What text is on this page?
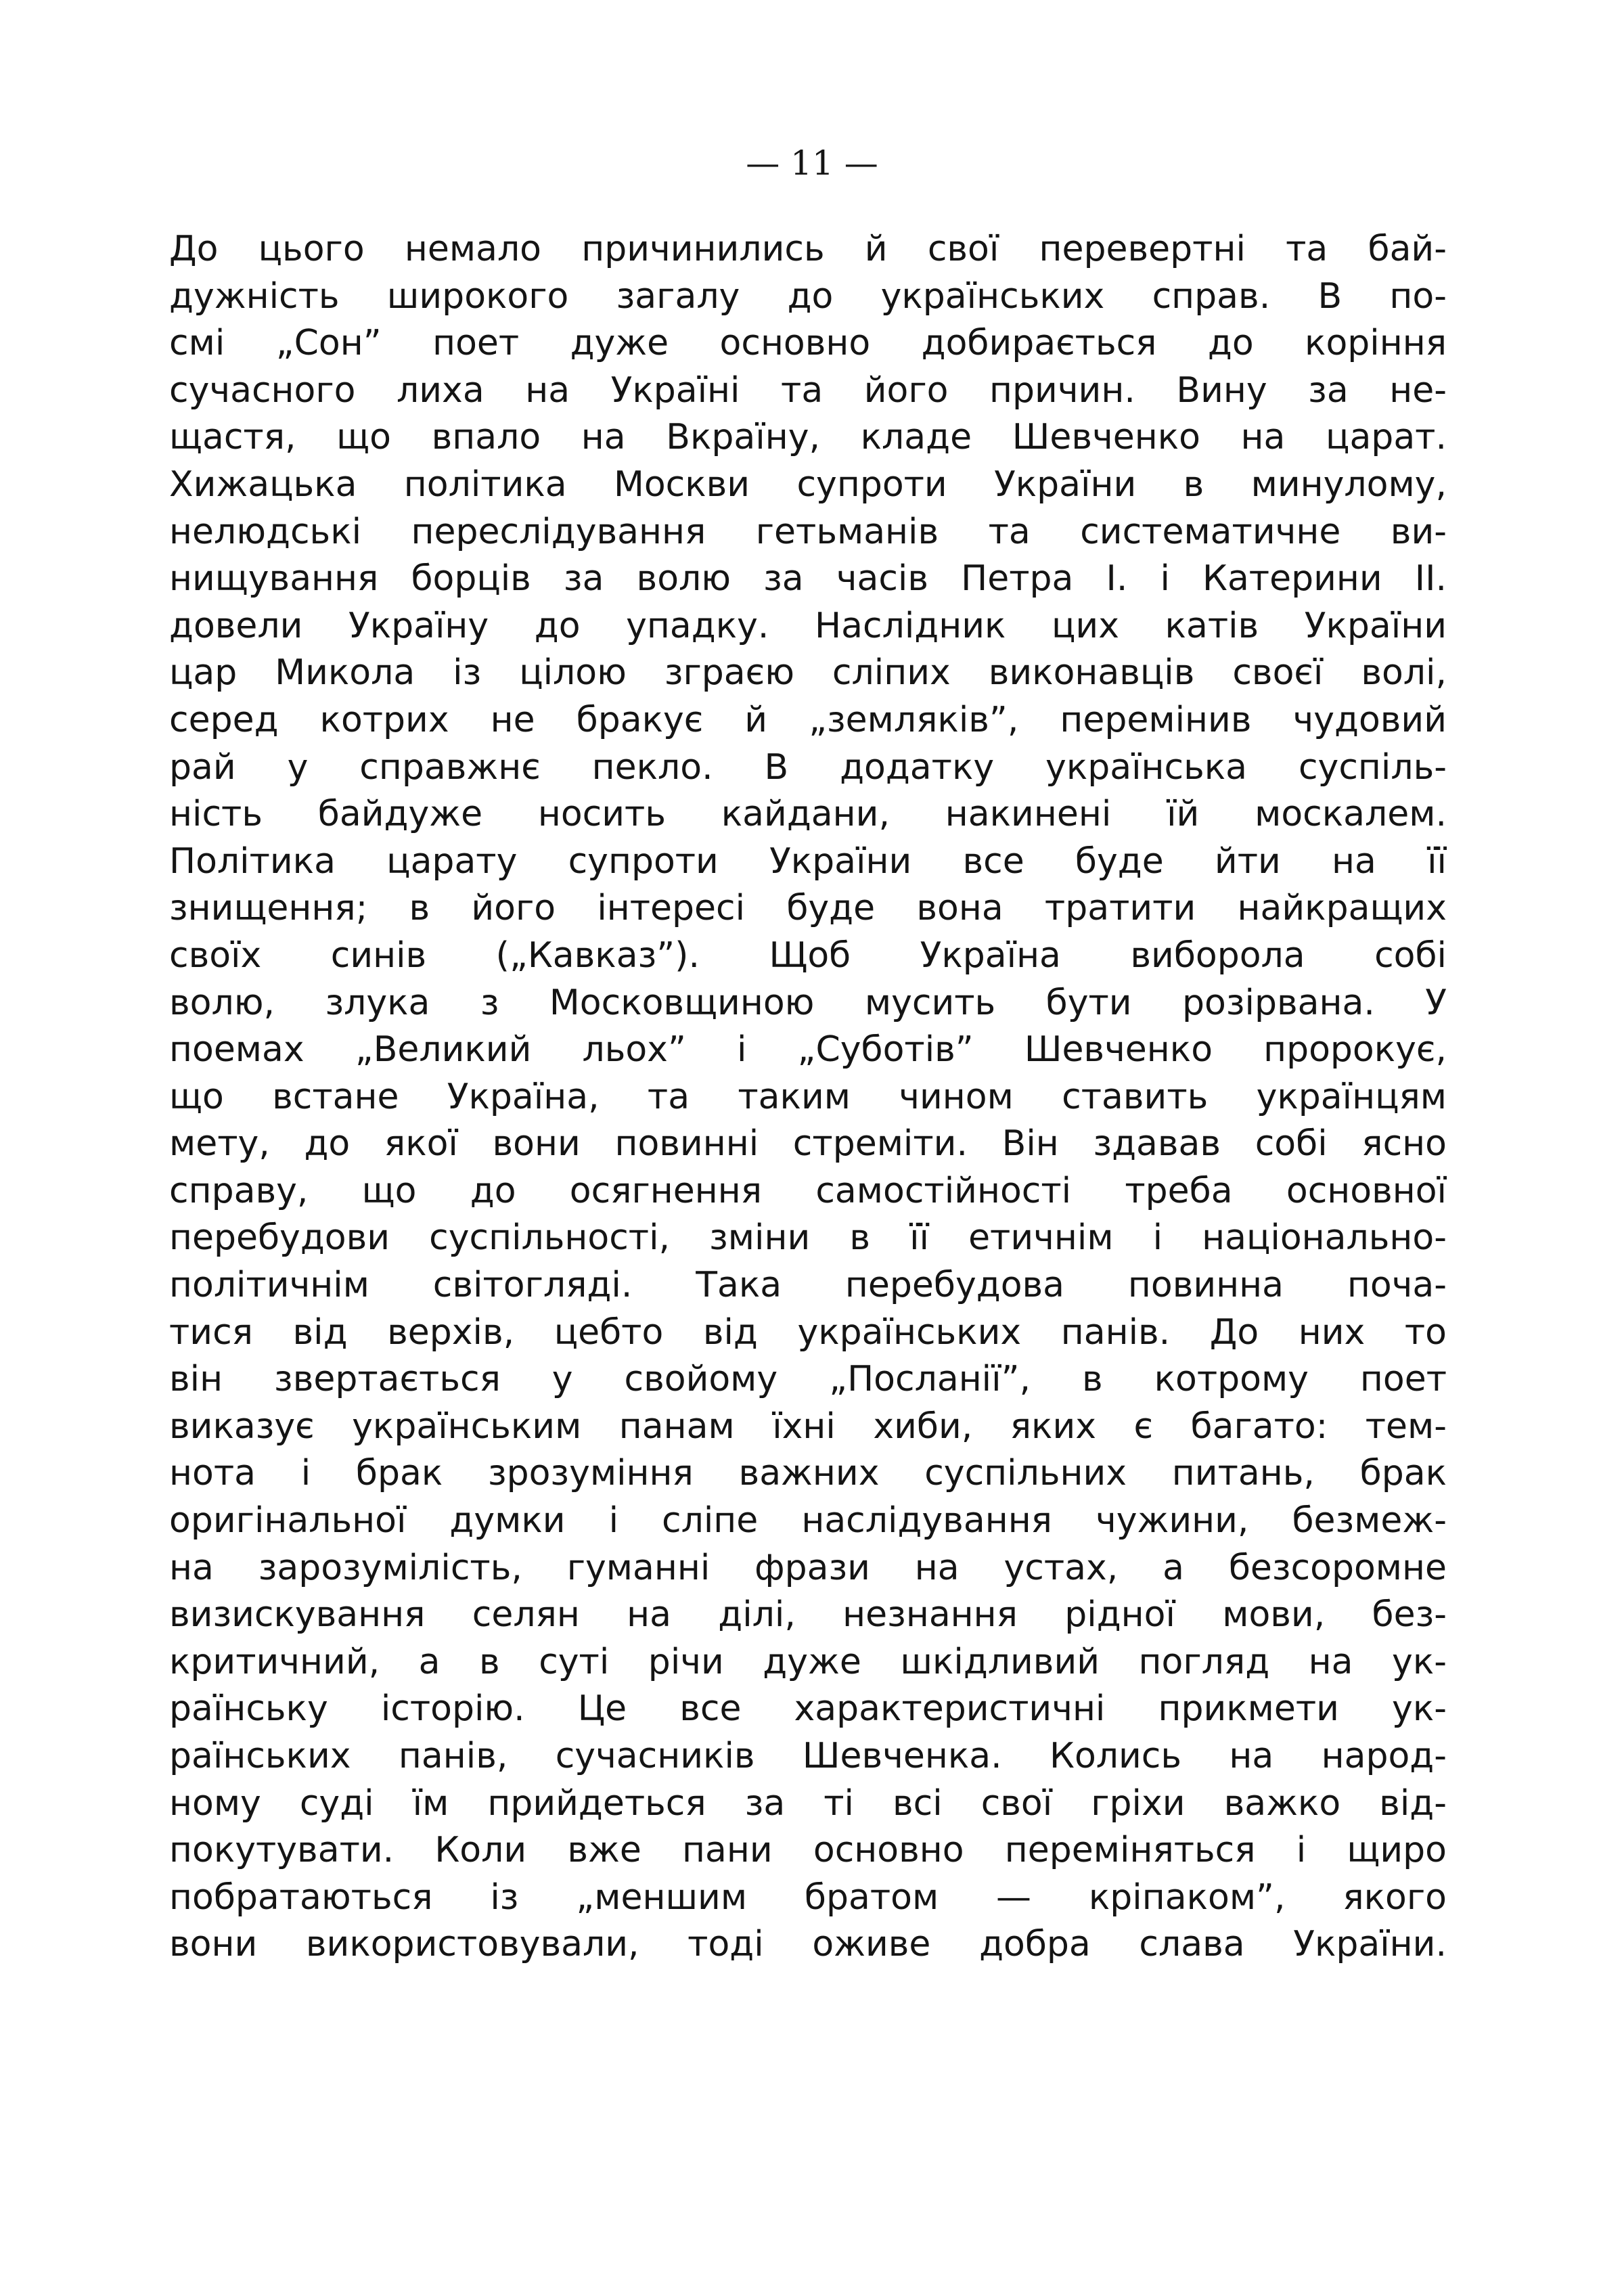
— 11 —
До цього немало причинились й свої перевертні та бай-
дужність широкого загалу до українських справ. В по-
смі „Сон” поет дуже основно добирається до коріння
сучасного лиха на Україні та його причин. Вину за не-
щастя, що впало на Вкраїну, кладе Шевченко на царат.
Хижацька політика Москви супроти України в минулому,
нелюдські переслідування гетьманів та систематичне ви-
нищування борців за волю за часів Петра І. і Катерини ІІ.
довели Україну до упадку. Наслідник цих катів України
цар Микола із цілою зграєю сліпих виконавців своєї волі,
серед котрих не бракує й „земляків”, перемінив чудовий
рай у справжнє пекло. В додатку українська суспіль-
ність байдуже носить кайдани, накинені їй москалем.
Політика царату супроти України все буде йти на її
знищення; в його інтересі буде вона тратити найкращих
своїх синів („Кавказ”). Щоб Україна виборола собі
волю, злука з Московщиною мусить бути розірвана. У
поемах „Великий льох” і „Суботів” Шевченко пророкує,
що встане Україна, та таким чином ставить українцям
мету, до якої вони повинні стреміти. Він здавав собі ясно
справу, що до осягнення самостійності треба основної
перебудови суспільності, зміни в її етичнім і національно-
політичнім світогляді. Така перебудова повинна поча-
тися від верхів, цебто від українських панів. До них то
він звертається у свойому „Посланії”, в котрому поет
виказує українським панам їхні хиби, яких є багато: тем-
нота і брак зрозуміння важних суспільних питань, брак
оригінальної думки і сліпе наслідування чужини, безмеж-
на зарозумілість, гуманні фрази на устах, а безсоромне
визискування селян на ділі, незнання рідної мови, без-
критичний, а в суті річи дуже шкідливий погляд на ук-
раїнську історію. Це все характеристичні прикмети ук-
раїнських панів, сучасників Шевченка. Колись на народ-
ному суді їм прийдеться за ті всі свої гріхи важко від-
покутувати. Коли вже пани основно переміняться і щиро
побратаються із „меншим братом — кріпаком”, якого
вони використовували, тоді оживе добра слава України.
